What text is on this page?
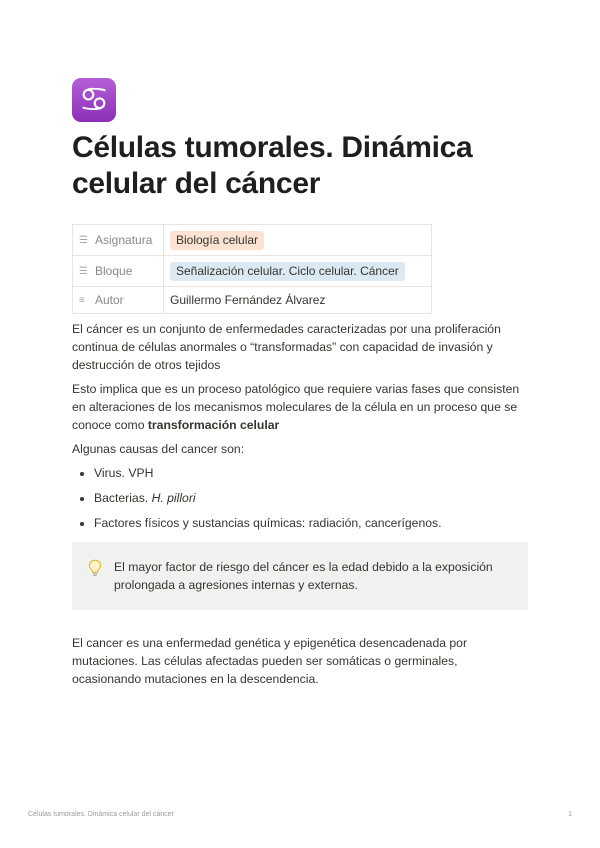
♋
Células tumorales. Dinámica
celular del cáncer
☰ Asignatura	Biología celular
☰ Bloque	Señalización celular. Ciclo celular. Cáncer
≡ Autor	Guillermo Fernández Álvarez

El cáncer es un conjunto de enfermedades caracterizadas por una proliferación continua de células anormales o “transformadas” con capacidad de invasión y destrucción de otros tejidos

Esto implica que es un proceso patológico que requiere varias fases que consisten en alteraciones de los mecanismos moleculares de la célula en un proceso que se conoce como transformación celular

Algunas causas del cancer son:

• Virus. VPH
• Bacterias. H. pillori
• Factores físicos y sustancias químicas: radiación, cancerígenos.

El mayor factor de riesgo del cáncer es la edad debido a la exposición prolongada a agresiones internas y externas.

El cancer es una enfermedad genética y epigenética desencadenada por mutaciones. Las células afectadas pueden ser somáticas o germinales, ocasionando mutaciones en la descendencia.

Células tumorales. Dinámica celular del cáncer	1
